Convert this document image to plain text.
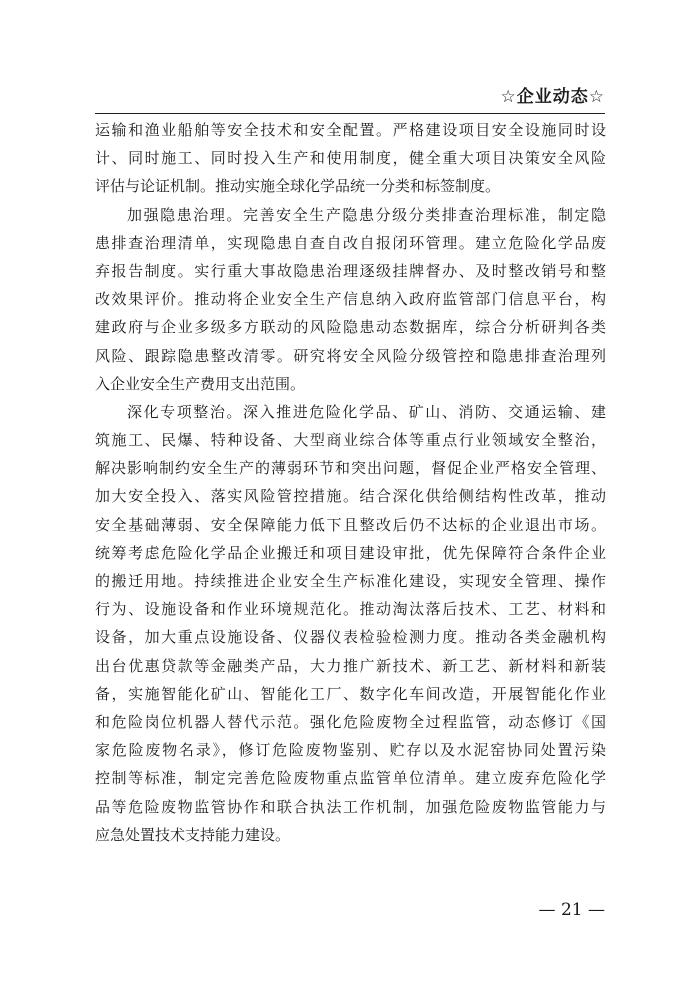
☆企业动态☆
运输和渔业船舶等安全技术和安全配置。严格建设项目安全设施同时设
计、同时施工、同时投入生产和使用制度，健全重大项目决策安全风险
评估与论证机制。推动实施全球化学品统一分类和标签制度。
加强隐患治理。完善安全生产隐患分级分类排查治理标准，制定隐
患排查治理清单，实现隐患自查自改自报闭环管理。建立危险化学品废
弃报告制度。实行重大事故隐患治理逐级挂牌督办、及时整改销号和整
改效果评价。推动将企业安全生产信息纳入政府监管部门信息平台，构
建政府与企业多级多方联动的风险隐患动态数据库，综合分析研判各类
风险、跟踪隐患整改清零。研究将安全风险分级管控和隐患排查治理列
入企业安全生产费用支出范围。
深化专项整治。深入推进危险化学品、矿山、消防、交通运输、建
筑施工、民爆、特种设备、大型商业综合体等重点行业领域安全整治，
解决影响制约安全生产的薄弱环节和突出问题，督促企业严格安全管理、
加大安全投入、落实风险管控措施。结合深化供给侧结构性改革，推动
安全基础薄弱、安全保障能力低下且整改后仍不达标的企业退出市场。
统筹考虑危险化学品企业搬迁和项目建设审批，优先保障符合条件企业
的搬迁用地。持续推进企业安全生产标准化建设，实现安全管理、操作
行为、设施设备和作业环境规范化。推动淘汰落后技术、工艺、材料和
设备，加大重点设施设备、仪器仪表检验检测力度。推动各类金融机构
出台优惠贷款等金融类产品，大力推广新技术、新工艺、新材料和新装
备，实施智能化矿山、智能化工厂、数字化车间改造，开展智能化作业
和危险岗位机器人替代示范。强化危险废物全过程监管，动态修订《国
家危险废物名录》，修订危险废物鉴别、贮存以及水泥窑协同处置污染
控制等标准，制定完善危险废物重点监管单位清单。建立废弃危险化学
品等危险废物监管协作和联合执法工作机制，加强危险废物监管能力与
应急处置技术支持能力建设。
— 21 —
